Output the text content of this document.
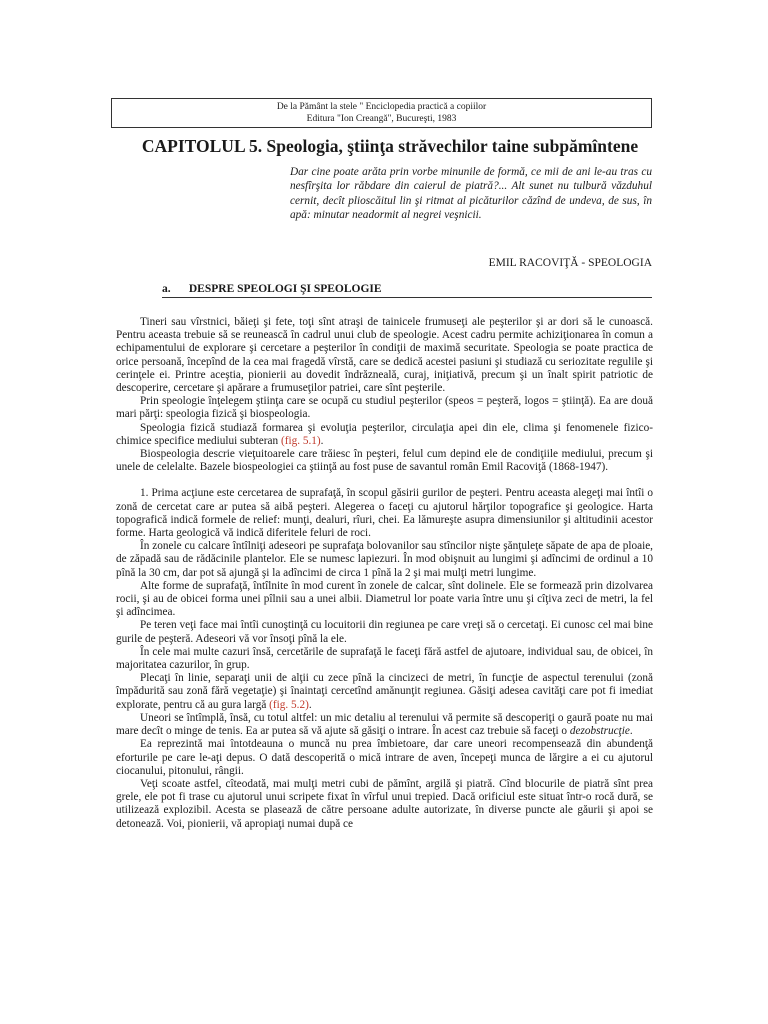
De la Pământ la stele " Enciclopedia practică a copiilor
Editura "Ion Creangă", Bucureşti, 1983
CAPITOLUL 5. Speologia, ştiinţa străvechilor taine subpămîntene
Dar cine poate arăta prin vorbe minunile de formă, ce mii de ani le-au tras cu nesfîrşita lor răbdare din caierul de piatră?... Alt sunet nu tulbură văzduhul cernit, decît plioscăitul lin şi ritmat al picăturilor căzînd de undeva, de sus, în apă: minutar neadormit al negrei veşnicii.
EMIL RACOVIŢĂ - SPEOLOGIA
a. DESPRE SPEOLOGI ŞI SPEOLOGIE

Tineri sau vîrstnici, băieţi şi fete, toţi sînt atraşi de tainicele frumuseţi ale peşterilor şi ar dori să le cunoască. Pentru aceasta trebuie să se reunească în cadrul unui club de speologie. Acest cadru permite achiziţionarea în comun a echipamentului de explorare şi cercetare a peşterilor în condiţii de maximă securitate. Speologia se poate practica de orice persoană, începînd de la cea mai fragedă vîrstă, care se dedică acestei pasiuni şi studiază cu seriozitate regulile şi cerinţele ei. Printre aceştia, pionierii au dovedit îndrăzneală, curaj, iniţiativă, precum şi un înalt spirit patriotic de descoperire, cercetare şi apărare a frumuseţilor patriei, care sînt peşterile.

Prin speologie înţelegem ştiinţa care se ocupă cu studiul peşterilor (speos = peşteră, logos = ştiinţă). Ea are două mari părţi: speologia fizică şi biospeologia.

Speologia fizică studiază formarea şi evoluţia peşterilor, circulaţia apei din ele, clima şi fenomenele fizico-chimice specifice mediului subteran (fig. 5.1).

Biospeologia descrie vieţuitoarele care trăiesc în peşteri, felul cum depind ele de condiţiile mediului, precum şi unele de celelalte. Bazele biospeologiei ca ştiinţă au fost puse de savantul român Emil Racoviţă (1868-1947).

1. Prima acţiune este cercetarea de suprafaţă, în scopul găsirii gurilor de peşteri. Pentru aceasta alegeţi mai întîi o zonă de cercetat care ar putea să aibă peşteri. Alegerea o faceţi cu ajutorul hărţilor topografice şi geologice. Harta topografică indică formele de relief: munţi, dealuri, rîuri, chei. Ea lămureşte asupra dimensiunilor şi altitudinii acestor forme. Harta geologică vă indică diferitele feluri de roci.

În zonele cu calcare întîlniţi adeseori pe suprafaţa bolovanilor sau stîncilor nişte şănţuleţe săpate de apa de ploaie, de zăpadă sau de rădăcinile plantelor. Ele se numesc lapiezuri. În mod obişnuit au lungimi şi adîncimi de ordinul a 10 pînă la 30 cm, dar pot să ajungă şi la adîncimi de circa 1 pînă la 2 şi mai mulţi metri lungime.

Alte forme de suprafaţă, întîlnite în mod curent în zonele de calcar, sînt dolinele. Ele se formează prin dizolvarea rocii, şi au de obicei forma unei pîlnii sau a unei albii. Diametrul lor poate varia între unu şi cîţiva zeci de metri, la fel şi adîncimea.

Pe teren veţi face mai întîi cunoştinţă cu locuitorii din regiunea pe care vreţi să o cercetaţi. Ei cunosc cel mai bine gurile de peşteră. Adeseori vă vor însoţi pînă la ele.

În cele mai multe cazuri însă, cercetările de suprafaţă le faceţi fără astfel de ajutoare, individual sau, de obicei, în majoritatea cazurilor, în grup.

Plecaţi în linie, separaţi unii de alţii cu zece pînă la cincizeci de metri, în funcţie de aspectul terenului (zonă împădurită sau zonă fără vegetaţie) şi înaintaţi cercetînd amănunţit regiunea. Găsiţi adesea cavităţi care pot fi imediat explorate, pentru că au gura largă (fig. 5.2).

Uneori se întîmplă, însă, cu totul altfel: un mic detaliu al terenului vă permite să descoperiţi o gaură poate nu mai mare decît o minge de tenis. Ea ar putea să vă ajute să găsiţi o intrare. În acest caz trebuie să faceţi o dezobstrucţie.

Ea reprezintă mai întotdeauna o muncă nu prea îmbietoare, dar care uneori recompensează din abundenţă eforturile pe care le-aţi depus. O dată descoperită o mică intrare de aven, începeţi munca de lărgire a ei cu ajutorul ciocanului, pitonului, rângii.

Veţi scoate astfel, cîteodată, mai mulţi metri cubi de pămînt, argilă şi piatră. Cînd blocurile de piatră sînt prea grele, ele pot fi trase cu ajutorul unui scripete fixat în vîrful unui trepied. Dacă orificiul este situat într-o rocă dură, se utilizează explozibil. Acesta se plasează de către persoane adulte autorizate, în diverse puncte ale găurii şi apoi se detonează. Voi, pionierii, vă apropiaţi numai după ce
